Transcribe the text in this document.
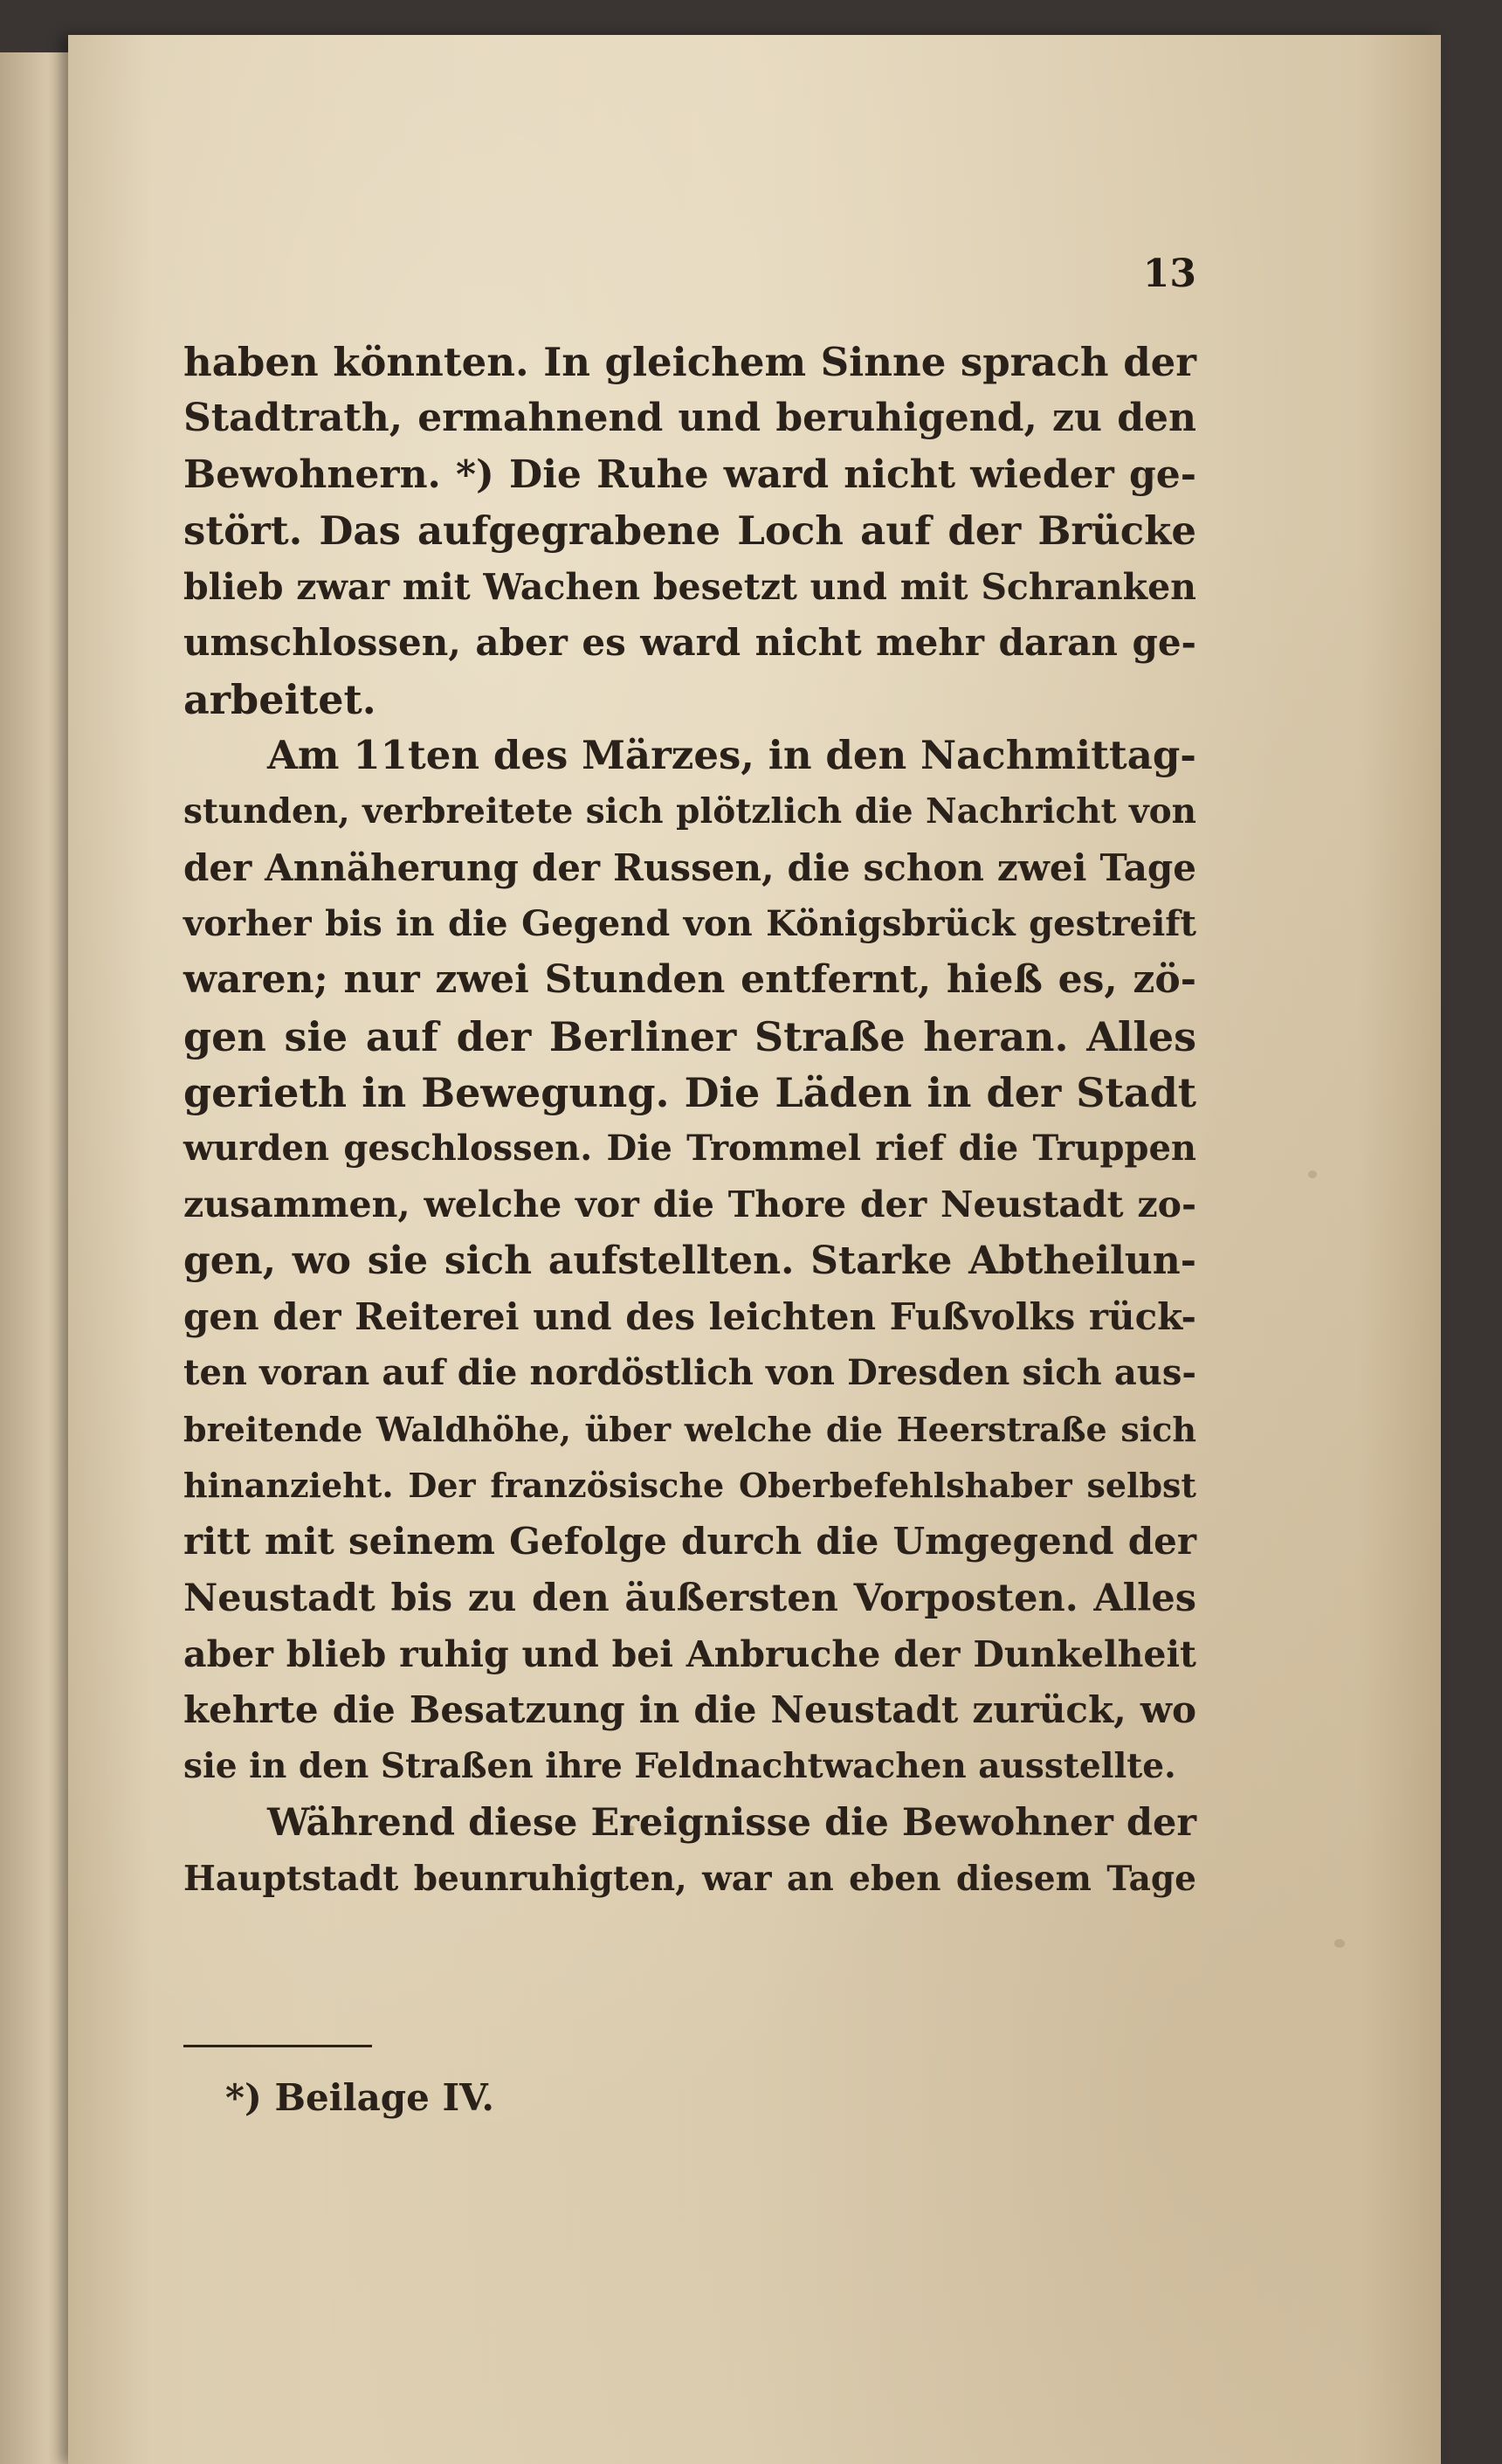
13
haben könnten. In gleichem Sinne sprach der
Stadtrath, ermahnend und beruhigend, zu den
Bewohnern. *) Die Ruhe ward nicht wieder ge-
stört. Das aufgegrabene Loch auf der Brücke
blieb zwar mit Wachen besetzt und mit Schranken
umschlossen, aber es ward nicht mehr daran ge-
arbeitet.
Am 11ten des Märzes, in den Nachmittag-
stunden, verbreitete sich plötzlich die Nachricht von
der Annäherung der Russen, die schon zwei Tage
vorher bis in die Gegend von Königsbrück gestreift
waren; nur zwei Stunden entfernt, hieß es, zö-
gen sie auf der Berliner Straße heran. Alles
gerieth in Bewegung. Die Läden in der Stadt
wurden geschlossen. Die Trommel rief die Truppen
zusammen, welche vor die Thore der Neustadt zo-
gen, wo sie sich aufstellten. Starke Abtheilun-
gen der Reiterei und des leichten Fußvolks rück-
ten voran auf die nordöstlich von Dresden sich aus-
breitende Waldhöhe, über welche die Heerstraße sich
hinanzieht. Der französische Oberbefehlshaber selbst
ritt mit seinem Gefolge durch die Umgegend der
Neustadt bis zu den äußersten Vorposten. Alles
aber blieb ruhig und bei Anbruche der Dunkelheit
kehrte die Besatzung in die Neustadt zurück, wo
sie in den Straßen ihre Feldnachtwachen ausstellte.
Während diese Ereignisse die Bewohner der
Hauptstadt beunruhigten, war an eben diesem Tage
*) Beilage IV.
